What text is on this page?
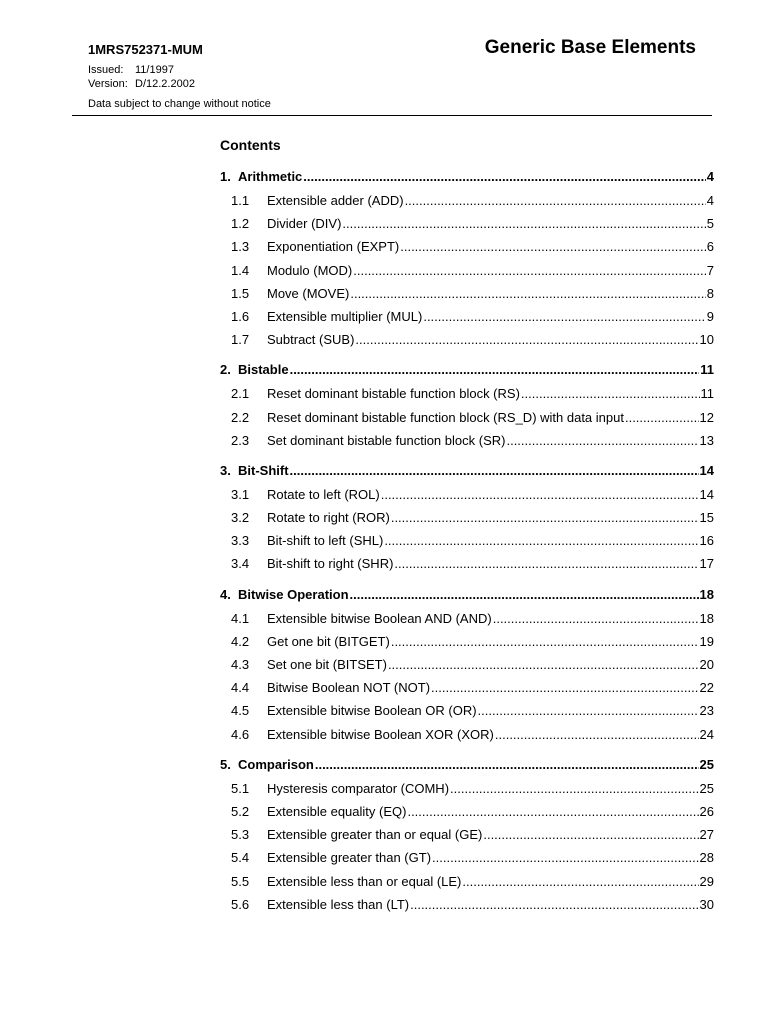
1MRS752371-MUM	Generic Base Elements
Issued: 11/1997
Version: D/12.2.2002
Data subject to change without notice
Contents
1. Arithmetic .....	4
1.1	Extensible adder (ADD) .....	4
1.2	Divider (DIV) .....	5
1.3	Exponentiation (EXPT) .....	6
1.4	Modulo (MOD) .....	7
1.5	Move (MOVE) .....	8
1.6	Extensible multiplier (MUL) .....	9
1.7	Subtract (SUB) .....	10
2. Bistable .....	11
2.1	Reset dominant bistable function block (RS) .....	11
2.2	Reset dominant bistable function block (RS_D) with data input .....	12
2.3	Set dominant bistable function block (SR) .....	13
3. Bit-Shift .....	14
3.1	Rotate to left (ROL) .....	14
3.2	Rotate to right (ROR) .....	15
3.3	Bit-shift to left (SHL) .....	16
3.4	Bit-shift to right (SHR) .....	17
4. Bitwise Operation .....	18
4.1	Extensible bitwise Boolean AND (AND) .....	18
4.2	Get one bit (BITGET) .....	19
4.3	Set one bit (BITSET) .....	20
4.4	Bitwise Boolean NOT (NOT) .....	22
4.5	Extensible bitwise Boolean OR (OR) .....	23
4.6	Extensible bitwise Boolean XOR (XOR) .....	24
5. Comparison .....	25
5.1	Hysteresis comparator (COMH) .....	25
5.2	Extensible equality (EQ) .....	26
5.3	Extensible greater than or equal (GE) .....	27
5.4	Extensible greater than (GT) .....	28
5.5	Extensible less than or equal (LE) .....	29
5.6	Extensible less than (LT) .....	30
